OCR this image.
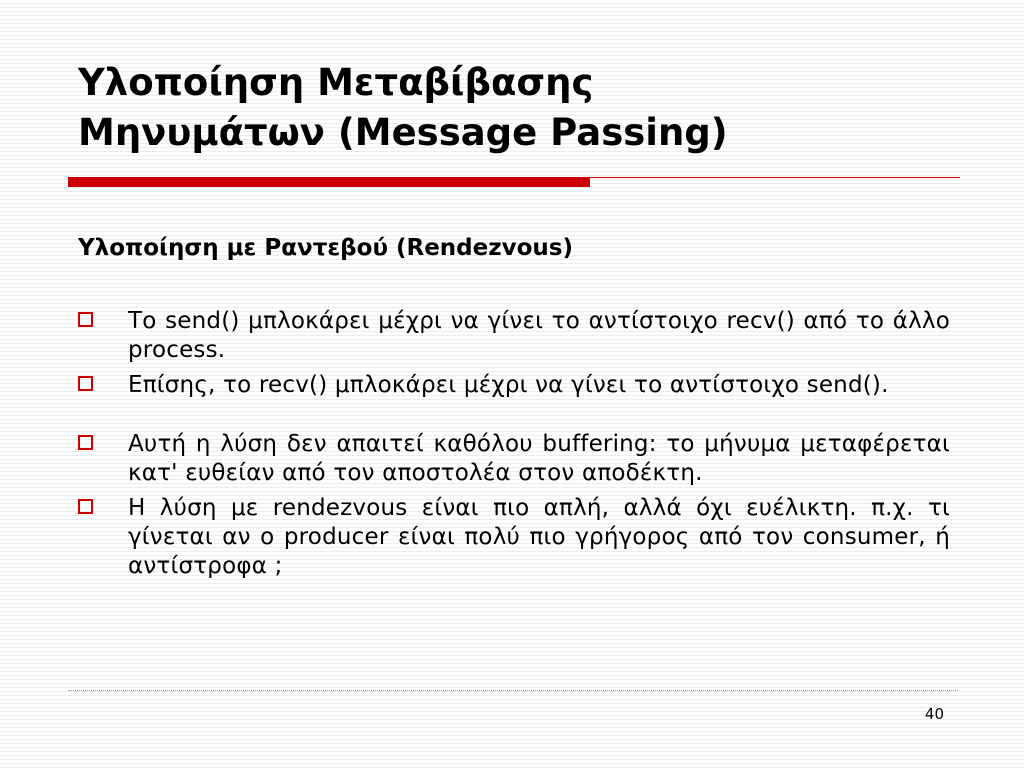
Υλοποίηση Μεταβίβασης
Μηνυμάτων (Message Passing)
Υλοποίηση με Ραντεβού (Rendezvous)
Το send() μπλοκάρει μέχρι να γίνει το αντίστοιχο recv() από το άλλο process.
Επίσης, το recv() μπλοκάρει μέχρι να γίνει το αντίστοιχο send().
Αυτή η λύση δεν απαιτεί καθόλου buffering: το μήνυμα μεταφέρεται κατ' ευθείαν από τον αποστολέα στον αποδέκτη.
Η λύση με rendezvous είναι πιο απλή, αλλά όχι ευέλικτη. π.χ. τι γίνεται αν ο producer είναι πολύ πιο γρήγορος από τον consumer, ή αντίστροφα ;
40
